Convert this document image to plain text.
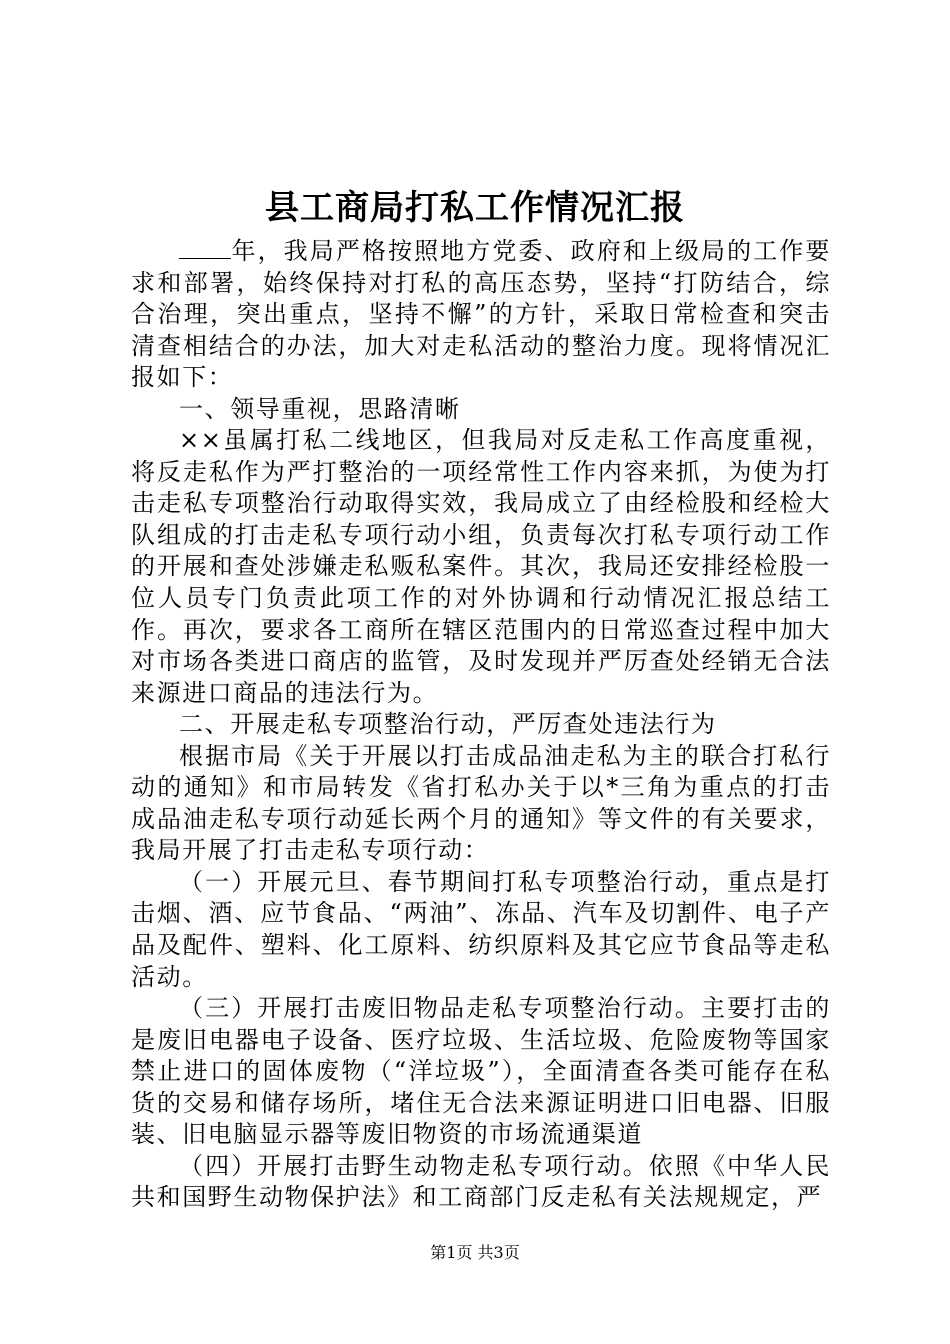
县工商局打私工作情况汇报

年，我局严格按照地方党委、政府和上级局的工作要求和部署，始终保持对打私的高压态势，坚持“打防结合，综合治理，突出重点，坚持不懈”的方针，采取日常检查和突击清查相结合的办法，加大对走私活动的整治力度。现将情况汇报如下：

一、领导重视，思路清晰

××虽属打私二线地区，但我局对反走私工作高度重视，将反走私作为严打整治的一项经常性工作内容来抓，为使为打击走私专项整治行动取得实效，我局成立了由经检股和经检大队组成的打击走私专项行动小组，负责每次打私专项行动工作的开展和查处涉嫌走私贩私案件。其次，我局还安排经检股一位人员专门负责此项工作的对外协调和行动情况汇报总结工作。再次，要求各工商所在辖区范围内的日常巡查过程中加大对市场各类进口商店的监管，及时发现并严厉查处经销无合法来源进口商品的违法行为。

二、开展走私专项整治行动，严厉查处违法行为

根据市局《关于开展以打击成品油走私为主的联合打私行动的通知》和市局转发《省打私办关于以*三角为重点的打击成品油走私专项行动延长两个月的通知》等文件的有关要求，我局开展了打击走私专项行动：

（一）开展元旦、春节期间打私专项整治行动，重点是打击烟、酒、应节食品、“两油”、冻品、汽车及切割件、电子产品及配件、塑料、化工原料、纺织原料及其它应节食品等走私活动。

（三）开展打击废旧物品走私专项整治行动。主要打击的是废旧电器电子设备、医疗垃圾、生活垃圾、危险废物等国家禁止进口的固体废物（“洋垃圾”），全面清查各类可能存在私货的交易和储存场所，堵住无合法来源证明进口旧电器、旧服装、旧电脑显示器等废旧物资的市场流通渠道

（四）开展打击野生动物走私专项行动。依照《中华人民共和国野生动物保护法》和工商部门反走私有关法规规定，严

第1页 共3页
